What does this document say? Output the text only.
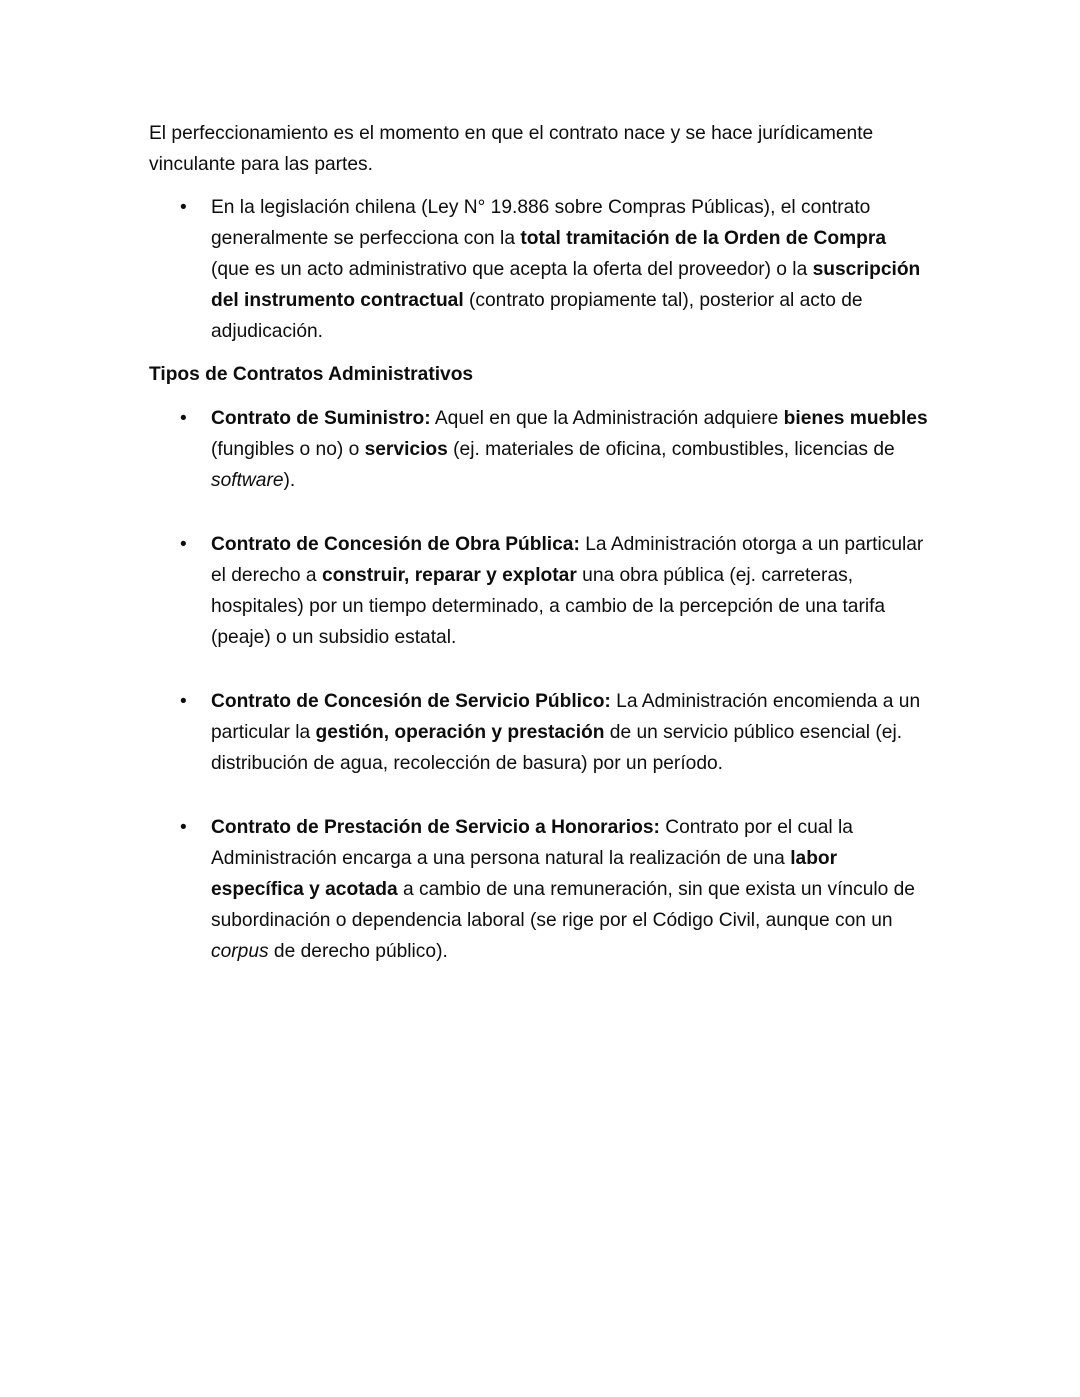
El perfeccionamiento es el momento en que el contrato nace y se hace jurídicamente vinculante para las partes.

• En la legislación chilena (Ley N° 19.886 sobre Compras Públicas), el contrato generalmente se perfecciona con la total tramitación de la Orden de Compra (que es un acto administrativo que acepta la oferta del proveedor) o la suscripción del instrumento contractual (contrato propiamente tal), posterior al acto de adjudicación.

Tipos de Contratos Administrativos

• Contrato de Suministro: Aquel en que la Administración adquiere bienes muebles (fungibles o no) o servicios (ej. materiales de oficina, combustibles, licencias de software).
• Contrato de Concesión de Obra Pública: La Administración otorga a un particular el derecho a construir, reparar y explotar una obra pública (ej. carreteras, hospitales) por un tiempo determinado, a cambio de la percepción de una tarifa (peaje) o un subsidio estatal.
• Contrato de Concesión de Servicio Público: La Administración encomienda a un particular la gestión, operación y prestación de un servicio público esencial (ej. distribución de agua, recolección de basura) por un período.
• Contrato de Prestación de Servicio a Honorarios: Contrato por el cual la Administración encarga a una persona natural la realización de una labor específica y acotada a cambio de una remuneración, sin que exista un vínculo de subordinación o dependencia laboral (se rige por el Código Civil, aunque con un corpus de derecho público).
